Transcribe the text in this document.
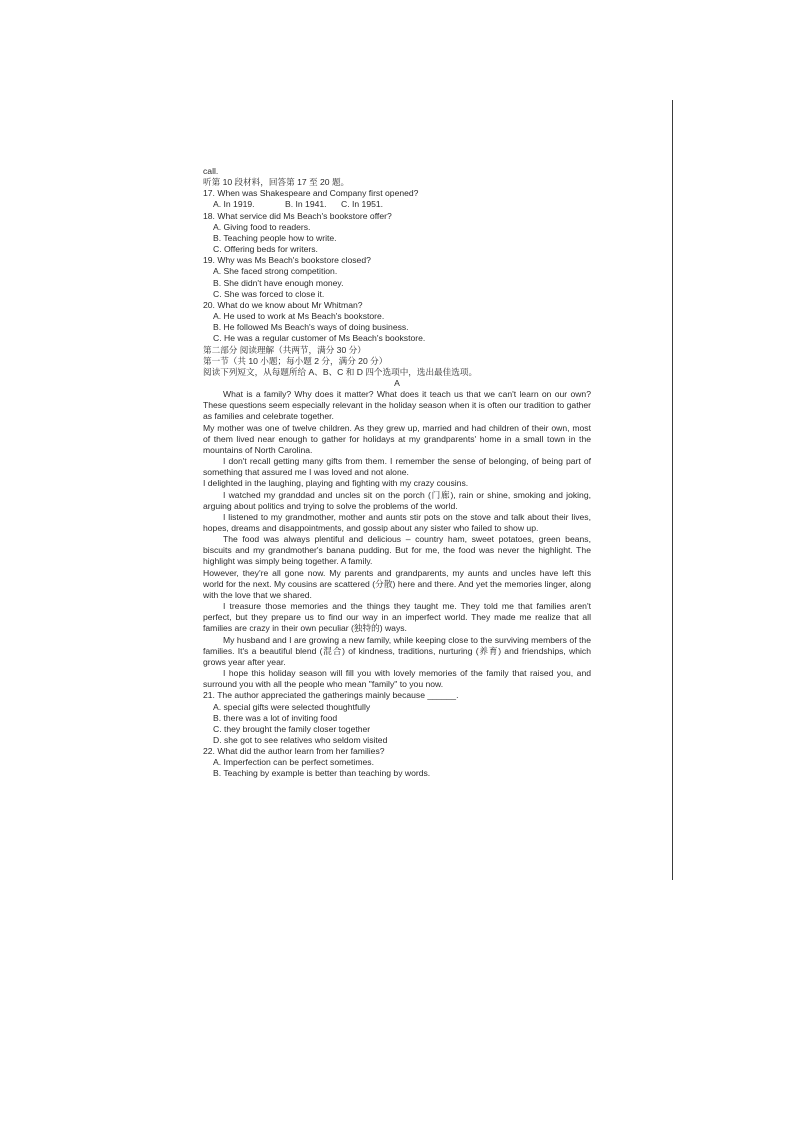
call.
听第 10 段材料，回答第 17 至 20 题。
17. When was Shakespeare and Company first opened?
A. In 1919.	B. In 1941. C. In 1951.
18. What service did Ms Beach's bookstore offer?
A. Giving food to readers.
B. Teaching people how to write.
C. Offering beds for writers.
19. Why was Ms Beach's bookstore closed?
A. She faced strong competition.
B. She didn't have enough money.
C. She was forced to close it.
20. What do we know about Mr Whitman?
A. He used to work at Ms Beach's bookstore.
B. He followed Ms Beach's ways of doing business.
C. He was a regular customer of Ms Beach's bookstore.
第二部分 阅读理解（共两节，满分 30 分）
第一节（共 10 小题；每小题 2 分，满分 20 分）
阅读下列短文，从每题所给 A、B、C 和 D 四个选项中，选出最佳选项。
A
What is a family? Why does it matter? What does it teach us that we can't learn on our own? These questions seem especially relevant in the holiday season when it is often our tradition to gather as families and celebrate together.
My mother was one of twelve children. As they grew up, married and had children of their own, most of them lived near enough to gather for holidays at my grandparents' home in a small town in the mountains of North Carolina.
I don't recall getting many gifts from them. I remember the sense of belonging, of being part of something that assured me I was loved and not alone.
I delighted in the laughing, playing and fighting with my crazy cousins.
I watched my granddad and uncles sit on the porch (门廊), rain or shine, smoking and joking, arguing about politics and trying to solve the problems of the world.
I listened to my grandmother, mother and aunts stir pots on the stove and talk about their lives, hopes, dreams and disappointments, and gossip about any sister who failed to show up.
The food was always plentiful and delicious – country ham, sweet potatoes, green beans, biscuits and my grandmother's banana pudding. But for me, the food was never the highlight. The highlight was simply being together. A family.
However, they're all gone now. My parents and grandparents, my aunts and uncles have left this world for the next. My cousins are scattered (分散) here and there. And yet the memories linger, along with the love that we shared.
I treasure those memories and the things they taught me. They told me that families aren't perfect, but they prepare us to find our way in an imperfect world. They made me realize that all families are crazy in their own peculiar (独特的) ways.
My husband and I are growing a new family, while keeping close to the surviving members of the families. It's a beautiful blend (混合) of kindness, traditions, nurturing (养育) and friendships, which grows year after year.
I hope this holiday season will fill you with lovely memories of the family that raised you, and surround you with all the people who mean "family" to you now.
21. The author appreciated the gatherings mainly because ______.
A. special gifts were selected thoughtfully
B. there was a lot of inviting food
C. they brought the family closer together
D. she got to see relatives who seldom visited
22. What did the author learn from her families?
A. Imperfection can be perfect sometimes.
B. Teaching by example is better than teaching by words.
